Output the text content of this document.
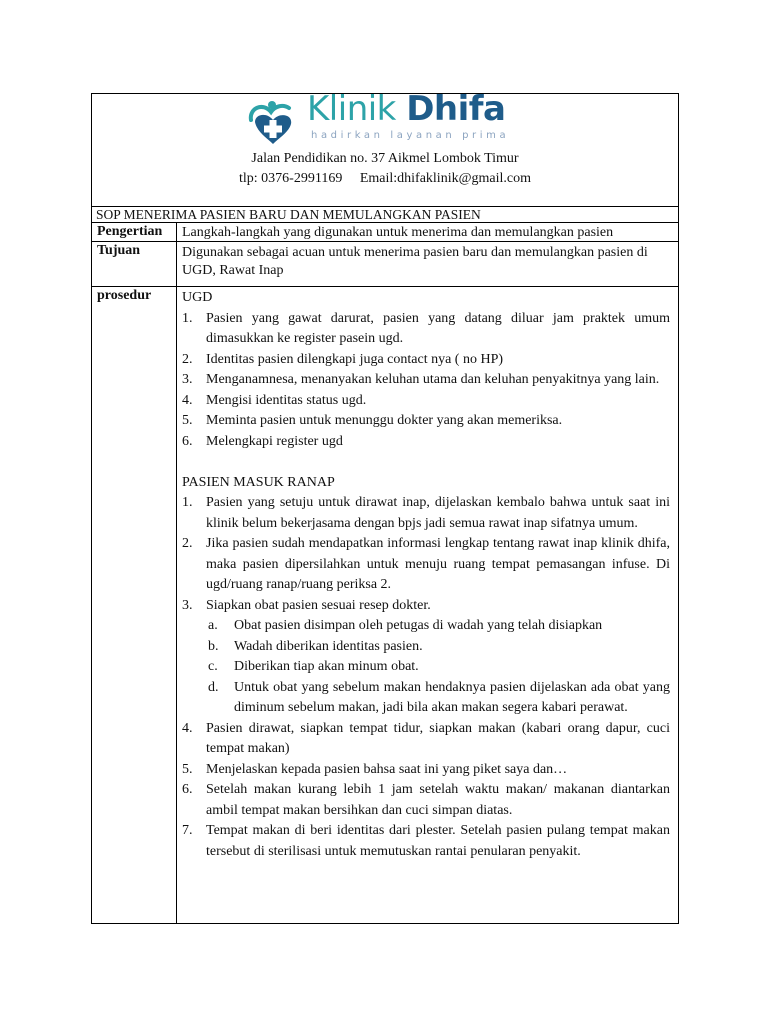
Klinik Dhifa
hadirkan layanan prima
Jalan Pendidikan no. 37 Aikmel Lombok Timur
tlp: 0376-2991169     Email:dhifaklinik@gmail.com
SOP MENERIMA PASIEN BARU DAN MEMULANGKAN PASIEN
Pengertian	Langkah-langkah yang digunakan untuk menerima dan memulangkan pasien
Tujuan	Digunakan sebagai acuan untuk menerima pasien baru dan memulangkan pasien di UGD, Rawat Inap
prosedur	UGD
1. Pasien yang gawat darurat, pasien yang datang diluar jam praktek umum dimasukkan ke register pasein ugd.
2. Identitas pasien dilengkapi juga contact nya ( no HP)
3. Menganamnesa, menanyakan keluhan utama dan keluhan penyakitnya yang lain.
4. Mengisi identitas status ugd.
5. Meminta pasien untuk menunggu dokter yang akan memeriksa.
6. Melengkapi register ugd
PASIEN MASUK RANAP
1. Pasien yang setuju untuk dirawat inap, dijelaskan kembalo bahwa untuk saat ini klinik belum bekerjasama dengan bpjs jadi semua rawat inap sifatnya umum.
2. Jika pasien sudah mendapatkan informasi lengkap tentang rawat inap klinik dhifa, maka pasien dipersilahkan untuk menuju ruang tempat pemasangan infuse. Di ugd/ruang ranap/ruang periksa 2.
3. Siapkan obat pasien sesuai resep dokter.
a.	Obat pasien disimpan oleh petugas di wadah yang telah disiapkan
b.	Wadah diberikan identitas pasien.
c.	Diberikan tiap akan minum obat.
d.	Untuk obat yang sebelum makan hendaknya pasien dijelaskan ada obat yang diminum sebelum makan, jadi bila akan makan segera kabari perawat.
4. Pasien dirawat, siapkan tempat tidur, siapkan makan (kabari orang dapur, cuci tempat makan)
5. Menjelaskan kepada pasien bahsa saat ini yang piket saya dan…
6. Setelah makan kurang lebih 1 jam setelah waktu makan/ makanan diantarkan ambil tempat makan bersihkan dan cuci simpan diatas.
7. Tempat makan di beri identitas dari plester. Setelah pasien pulang tempat makan tersebut di sterilisasi untuk memutuskan rantai penularan penyakit.
